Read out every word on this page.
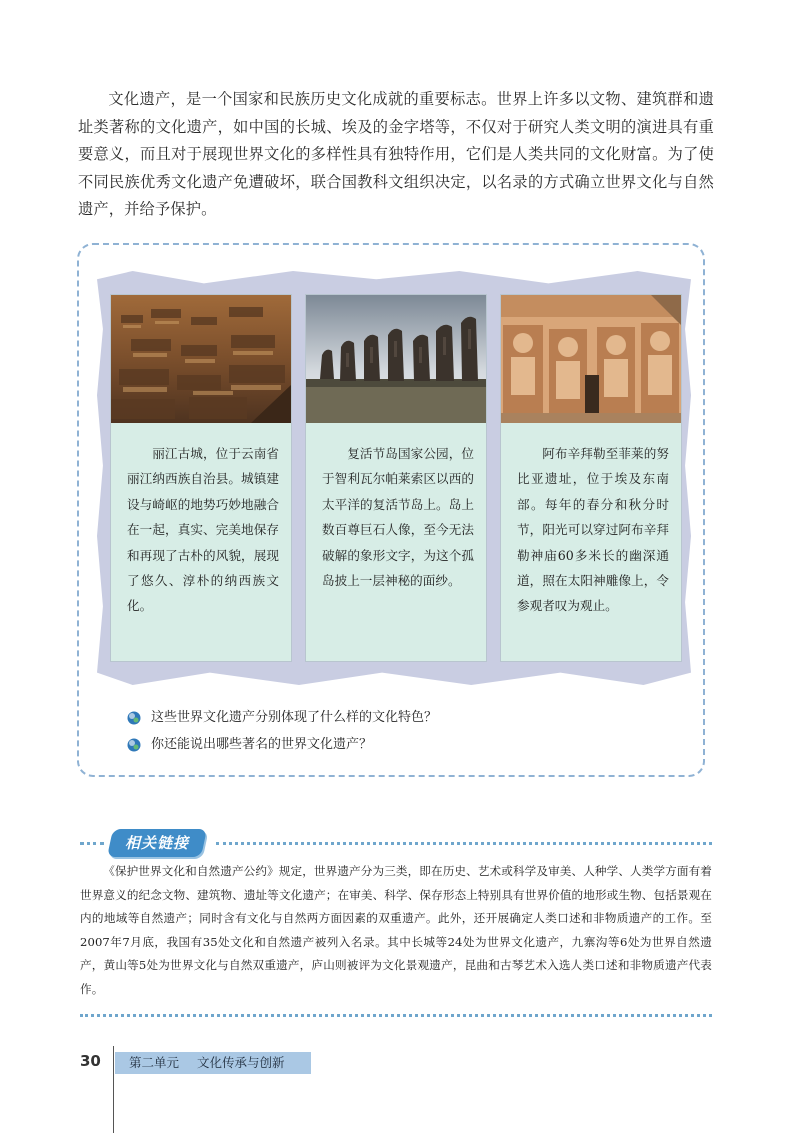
文化遗产，是一个国家和民族历史文化成就的重要标志。世界上许多以文物、建筑群和遗址类著称的文化遗产，如中国的长城、埃及的金字塔等，不仅对于研究人类文明的演进具有重要意义，而且对于展现世界文化的多样性具有独特作用，它们是人类共同的文化财富。为了使不同民族优秀文化遗产免遭破坏，联合国教科文组织决定，以名录的方式确立世界文化与自然遗产，并给予保护。

丽江古城，位于云南省丽江纳西族自治县。城镇建设与崎岖的地势巧妙地融合在一起，真实、完美地保存和再现了古朴的风貌，展现了悠久、淳朴的纳西族文化。

复活节岛国家公园，位于智利瓦尔帕莱索区以西的太平洋的复活节岛上。岛上数百尊巨石人像，至今无法破解的象形文字，为这个孤岛披上一层神秘的面纱。

阿布辛拜勒至菲莱的努比亚遗址，位于埃及东南部。每年的春分和秋分时节，阳光可以穿过阿布辛拜勒神庙60多米长的幽深通道，照在太阳神雕像上，令参观者叹为观止。

这些世界文化遗产分别体现了什么样的文化特色？
你还能说出哪些著名的世界文化遗产？
相关链接

《保护世界文化和自然遗产公约》规定，世界遗产分为三类，即在历史、艺术或科学及审美、人种学、人类学方面有着世界意义的纪念文物、建筑物、遗址等文化遗产；在审美、科学、保存形态上特别具有世界价值的地形或生物、包括景观在内的地域等自然遗产；同时含有文化与自然两方面因素的双重遗产。此外，还开展确定人类口述和非物质遗产的工作。至2007年7月底，我国有35处文化和自然遗产被列入名录。其中长城等24处为世界文化遗产，九寨沟等6处为世界自然遗产，黄山等5处为世界文化与自然双重遗产，庐山则被评为文化景观遗产，昆曲和古琴艺术入选人类口述和非物质遗产代表作。

30	第二单元 文化传承与创新
